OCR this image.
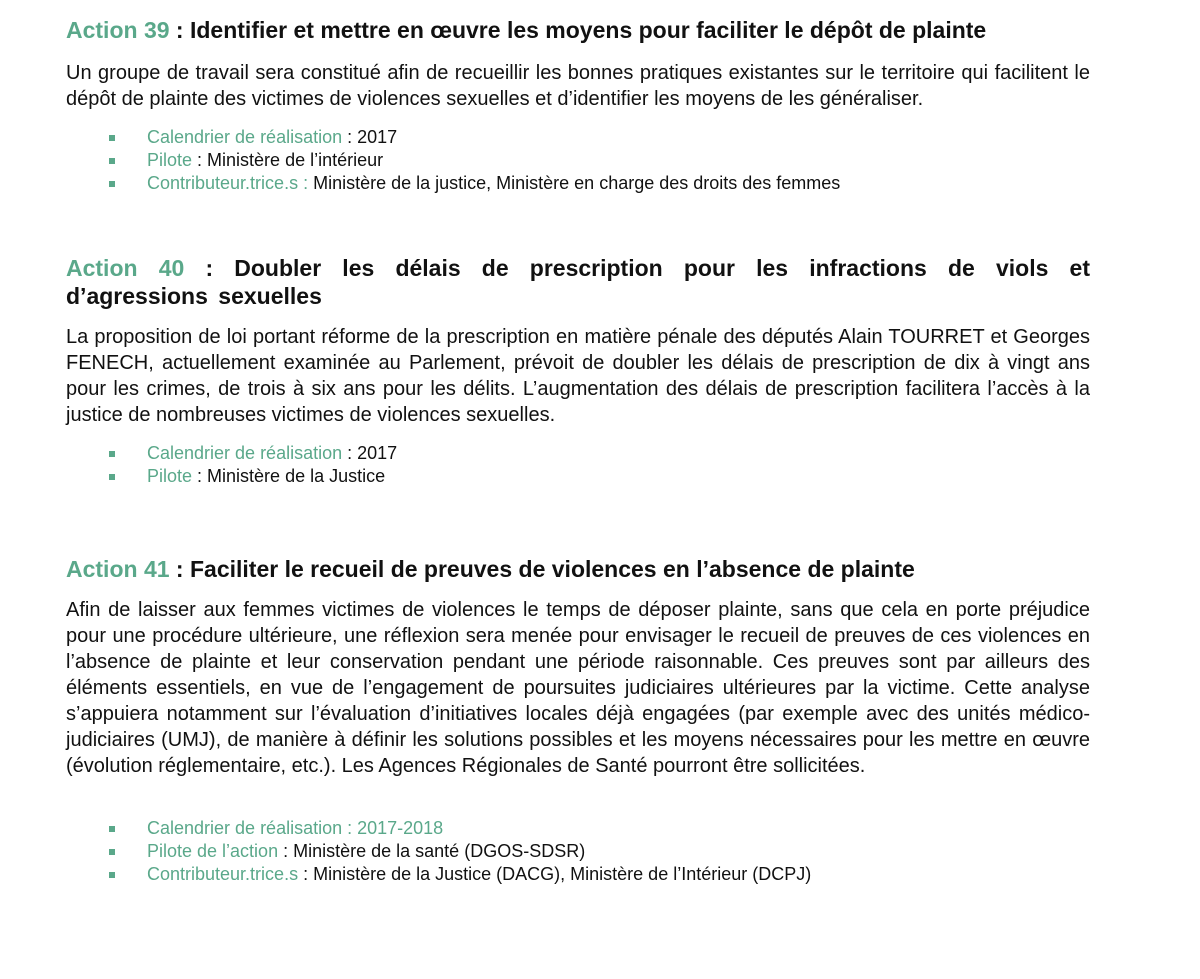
Action 39 : Identifier et mettre en œuvre les moyens pour faciliter le dépôt de plainte

Un groupe de travail sera constitué afin de recueillir les bonnes pratiques existantes sur le territoire qui facilitent le dépôt de plainte des victimes de violences sexuelles et d’identifier les moyens de les généraliser.

Calendrier de réalisation : 2017
Pilote : Ministère de l’intérieur
Contributeur.trice.s : Ministère de la justice, Ministère en charge des droits des femmes
Action 40 : Doubler les délais de prescription pour les infractions de viols et d’agressions sexuelles

La proposition de loi portant réforme de la prescription en matière pénale des députés Alain TOURRET et Georges FENECH, actuellement examinée au Parlement, prévoit de doubler les délais de prescription de dix à vingt ans pour les crimes, de trois à six ans pour les délits. L’augmentation des délais de prescription facilitera l’accès à la justice de nombreuses victimes de violences sexuelles.

Calendrier de réalisation : 2017
Pilote : Ministère de la Justice
Action 41 : Faciliter le recueil de preuves de violences en l’absence de plainte

Afin de laisser aux femmes victimes de violences le temps de déposer plainte, sans que cela en porte préjudice pour une procédure ultérieure, une réflexion sera menée pour envisager le recueil de preuves de ces violences en l’absence de plainte et leur conservation pendant une période raisonnable. Ces preuves sont par ailleurs des éléments essentiels, en vue de l’engagement de poursuites judiciaires ultérieures par la victime. Cette analyse s’appuiera notamment sur l’évaluation d’initiatives locales déjà engagées (par exemple avec des unités médico-judiciaires (UMJ), de manière à définir les solutions possibles et les moyens nécessaires pour les mettre en œuvre (évolution réglementaire, etc.). Les Agences Régionales de Santé pourront être sollicitées.

Calendrier de réalisation : 2017-2018
Pilote de l’action : Ministère de la santé (DGOS-SDSR)
Contributeur.trice.s : Ministère de la Justice (DACG), Ministère de l’Intérieur (DCPJ)
